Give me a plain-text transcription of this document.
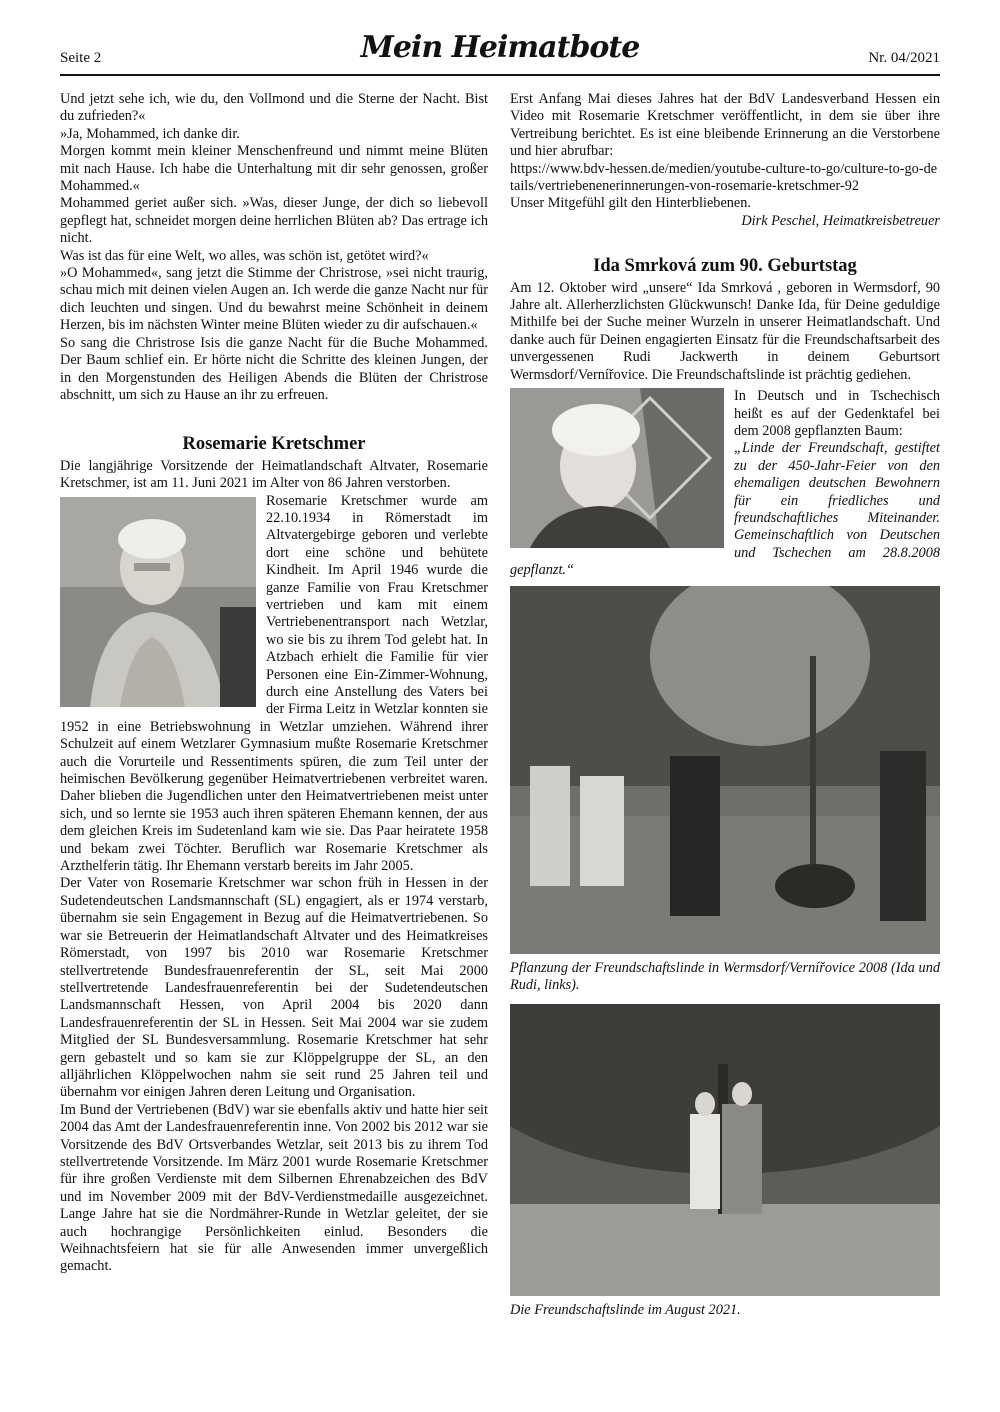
Seite 2	Mein Heimatbote	Nr. 04/2021

Und jetzt sehe ich, wie du, den Vollmond und die Sterne der Nacht. Bist du zufrieden?«

»Ja, Mohammed, ich danke dir.

Morgen kommt mein kleiner Menschenfreund und nimmt meine Blüten mit nach Hause. Ich habe die Unterhaltung mit dir sehr genossen, großer Mohammed.«

Mohammed geriet außer sich. »Was, dieser Junge, der dich so liebevoll gepflegt hat, schneidet morgen deine herrlichen Blüten ab? Das ertrage ich nicht.

Was ist das für eine Welt, wo alles, was schön ist, getötet wird?«

»O Mohammed«, sang jetzt die Stimme der Christrose, »sei nicht traurig, schau mich mit deinen vielen Augen an. Ich werde die ganze Nacht nur für dich leuchten und singen. Und du bewahrst meine Schönheit in deinem Herzen, bis im nächsten Winter meine Blüten wieder zu dir aufschauen.«

So sang die Christrose Isis die ganze Nacht für die Buche Mohammed. Der Baum schlief ein. Er hörte nicht die Schritte des kleinen Jungen, der in den Morgenstunden des Heiligen Abends die Blüten der Christrose abschnitt, um sich zu Hause an ihr zu erfreuen.

Rosemarie Kretschmer

Die langjährige Vorsitzende der Heimatlandschaft Altvater, Rosemarie Kretschmer, ist am 11. Juni 2021 im Alter von 86 Jahren verstorben.

Rosemarie Kretschmer wurde am 22.10.1934 in Römerstadt im Altvatergebirge geboren und verlebte dort eine schöne und behütete Kindheit. Im April 1946 wurde die ganze Familie von Frau Kretschmer vertrieben und kam mit einem Vertriebenentransport nach Wetzlar, wo sie bis zu ihrem Tod gelebt hat. In Atzbach erhielt die Familie für vier Personen eine Ein-Zimmer-Wohnung, durch eine Anstellung des Vaters bei der Firma Leitz in Wetzlar konnten sie 1952 in eine Betriebswohnung in Wetzlar umziehen. Während ihrer Schulzeit auf einem Wetzlarer Gymnasium mußte Rosemarie Kretschmer auch die Vorurteile und Ressentiments spüren, die zum Teil unter der heimischen Bevölkerung gegenüber Heimatvertriebenen verbreitet waren. Daher blieben die Jugendlichen unter den Heimatvertriebenen meist unter sich, und so lernte sie 1953 auch ihren späteren Ehemann kennen, der aus dem gleichen Kreis im Sudetenland kam wie sie. Das Paar heiratete 1958 und bekam zwei Töchter. Beruflich war Rosemarie Kretschmer als Arzthelferin tätig. Ihr Ehemann verstarb bereits im Jahr 2005.

Der Vater von Rosemarie Kretschmer war schon früh in Hessen in der Sudetendeutschen Landsmannschaft (SL) engagiert, als er 1974 verstarb, übernahm sie sein Engagement in Bezug auf die Heimatvertriebenen. So war sie Betreuerin der Heimatlandschaft Altvater und des Heimatkreises Römerstadt, von 1997 bis 2010 war Rosemarie Kretschmer stellvertretende Bundesfrauenreferentin der SL, seit Mai 2000 stellvertretende Landesfrauenreferentin bei der Sudetendeutschen Landsmannschaft Hessen, von April 2004 bis 2020 dann Landesfrauenreferentin der SL in Hessen. Seit Mai 2004 war sie zudem Mitglied der SL Bundesversammlung. Rosemarie Kretschmer hat sehr gern gebastelt und so kam sie zur Klöppelgruppe der SL, an den alljährlichen Klöppelwochen nahm sie seit rund 25 Jahren teil und übernahm vor einigen Jahren deren Leitung und Organisation.

Im Bund der Vertriebenen (BdV) war sie ebenfalls aktiv und hatte hier seit 2004 das Amt der Landesfrauenreferentin inne. Von 2002 bis 2012 war sie Vorsitzende des BdV Ortsverbandes Wetzlar, seit 2013 bis zu ihrem Tod stellvertretende Vorsitzende. Im März 2001 wurde Rosemarie Kretschmer für ihre großen Verdienste mit dem Silbernen Ehrenabzeichen des BdV und im November 2009 mit der BdV-Verdienstmedaille ausgezeichnet. Lange Jahre hat sie die Nordmährer-Runde in Wetzlar geleitet, der sie auch hochrangige Persönlichkeiten einlud. Besonders die Weihnachtsfeiern hat sie für alle Anwesenden immer unvergeßlich gemacht.

Erst Anfang Mai dieses Jahres hat der BdV Landesverband Hessen ein Video mit Rosemarie Kretschmer veröffentlicht, in dem sie über ihre Vertreibung berichtet. Es ist eine bleibende Erinnerung an die Verstorbene und hier abrufbar:

https://www.bdv-hessen.de/medien/youtube-culture-to-go/culture-to-go-details/vertriebenenerinnerungen-von-rosemarie-kretschmer-92

Unser Mitgefühl gilt den Hinterbliebenen.

Dirk Peschel, Heimatkreisbetreuer

Ida Smrková zum 90. Geburtstag

Am 12. Oktober wird „unsere“ Ida Smrková , geboren in Wermsdorf, 90 Jahre alt. Allerherzlichsten Glückwunsch! Danke Ida, für Deine geduldige Mithilfe bei der Suche meiner Wurzeln in unserer Heimatlandschaft. Und danke auch für Deinen engagierten Einsatz für die Freundschaftsarbeit des unvergessenen Rudi Jackwerth in deinem Geburtsort Wermsdorf/Vernířovice. Die Freundschaftslinde ist prächtig gediehen.

In Deutsch und in Tschechisch heißt es auf der Gedenktafel bei dem 2008 gepflanzten Baum:

„Linde der Freundschaft, gestiftet zu der 450-Jahr-Feier von den ehemaligen deutschen Bewohnern für ein friedliches und freundschaftliches Miteinander. Gemeinschaftlich von Deutschen und Tschechen am 28.8.2008 gepflanzt.“

Pflanzung der Freundschaftslinde in Wermsdorf/Vernířovice 2008 (Ida und Rudi, links).

Die Freundschaftslinde im August 2021.
